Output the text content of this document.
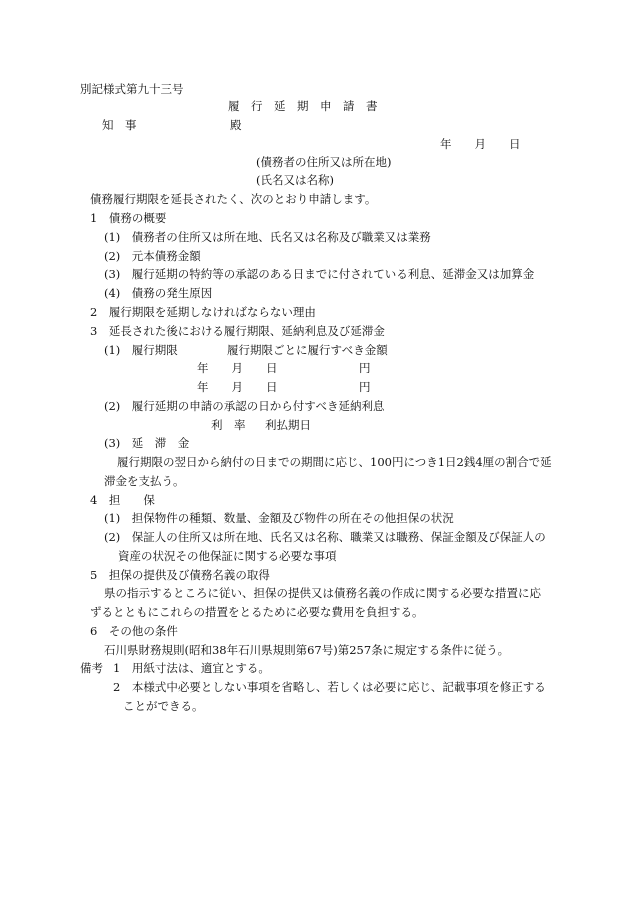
別記様式第九十三号
履　行　延　期　申　請　書
知　事	殿
年　　月　　日
(債務者の住所又は所在地)
(氏名又は名称)
債務履行期限を延長されたく、次のとおり申請します。
1　債務の概要
(1)　債務者の住所又は所在地、氏名又は名称及び職業又は業務
(2)　元本債務金額
(3)　履行延期の特約等の承認のある日までに付されている利息、延滞金又は加算金
(4)　債務の発生原因
2　履行期限を延期しなければならない理由
3　延長された後における履行期限、延納利息及び延滞金
(1)　履行期限	履行期限ごとに履行すべき金額
年　　月　　日	円
年　　月　　日	円
(2)　履行延期の申請の承認の日から付すべき延納利息
利　率 利払期日
(3)　延　滞　金
履行期限の翌日から納付の日までの期間に応じ、100円につき1日2銭4厘の割合で延
滞金を支払う。
4　担　　保
(1)　担保物件の種類、数量、金額及び物件の所在その他担保の状況
(2)　保証人の住所又は所在地、氏名又は名称、職業又は職務、保証金額及び保証人の
資産の状況その他保証に関する必要な事項
5　担保の提供及び債務名義の取得
県の指示するところに従い、担保の提供又は債務名義の作成に関する必要な措置に応
ずるとともにこれらの措置をとるために必要な費用を負担する。
6　その他の条件
石川県財務規則(昭和38年石川県規則第67号)第257条に規定する条件に従う。
備考 1　用紙寸法は、適宜とする。
2　本様式中必要としない事項を省略し、若しくは必要に応じ、記載事項を修正する
ことができる。
